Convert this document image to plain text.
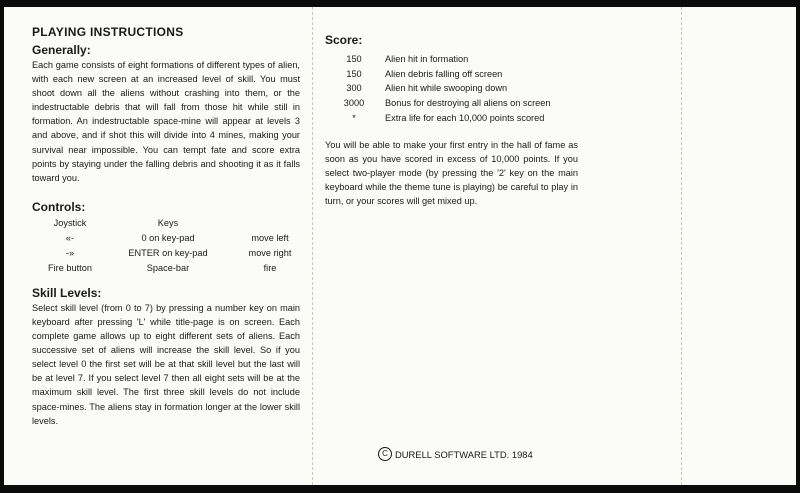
PLAYING INSTRUCTIONS
Generally:

Each game consists of eight formations of different types of alien, with each new screen at an increased level of skill. You must shoot down all the aliens without crashing into them, or the indestructable debris that will fall from those hit while still in formation. An indestructable space-mine will appear at levels 3 and above, and if shot this will divide into 4 mines, making your survival near impossible. You can tempt fate and score extra points by staying under the falling debris and shooting it as it falls toward you.

Controls:
Joystick	Keys	
«-	0 on key-pad	move left
-»	ENTER on key-pad	move right
Fire button	Space-bar	fire
Skill Levels:

Select skill level (from 0 to 7) by pressing a number key on main keyboard after pressing 'L' while title-page is on screen. Each complete game allows up to eight different sets of aliens. Each successive set of aliens will increase the skill level. So if you select level 0 the first set will be at that skill level but the last will be at level 7. If you select level 7 then all eight sets will be at the maximum skill level. The first three skill levels do not include space-mines. The aliens stay in formation longer at the lower skill levels.

Score:
150	Alien hit in formation
150	Alien debris falling off screen
300	Alien hit while swooping down
3000	Bonus for destroying all aliens on screen
*	Extra life for each 10,000 points scored

You will be able to make your first entry in the hall of fame as soon as you have scored in excess of 10,000 points. If you select two-player mode (by pressing the '2' key on the main keyboard while the theme tune is playing) be careful to play in turn, or your scores will get mixed up.

C DURELL SOFTWARE LTD. 1984
